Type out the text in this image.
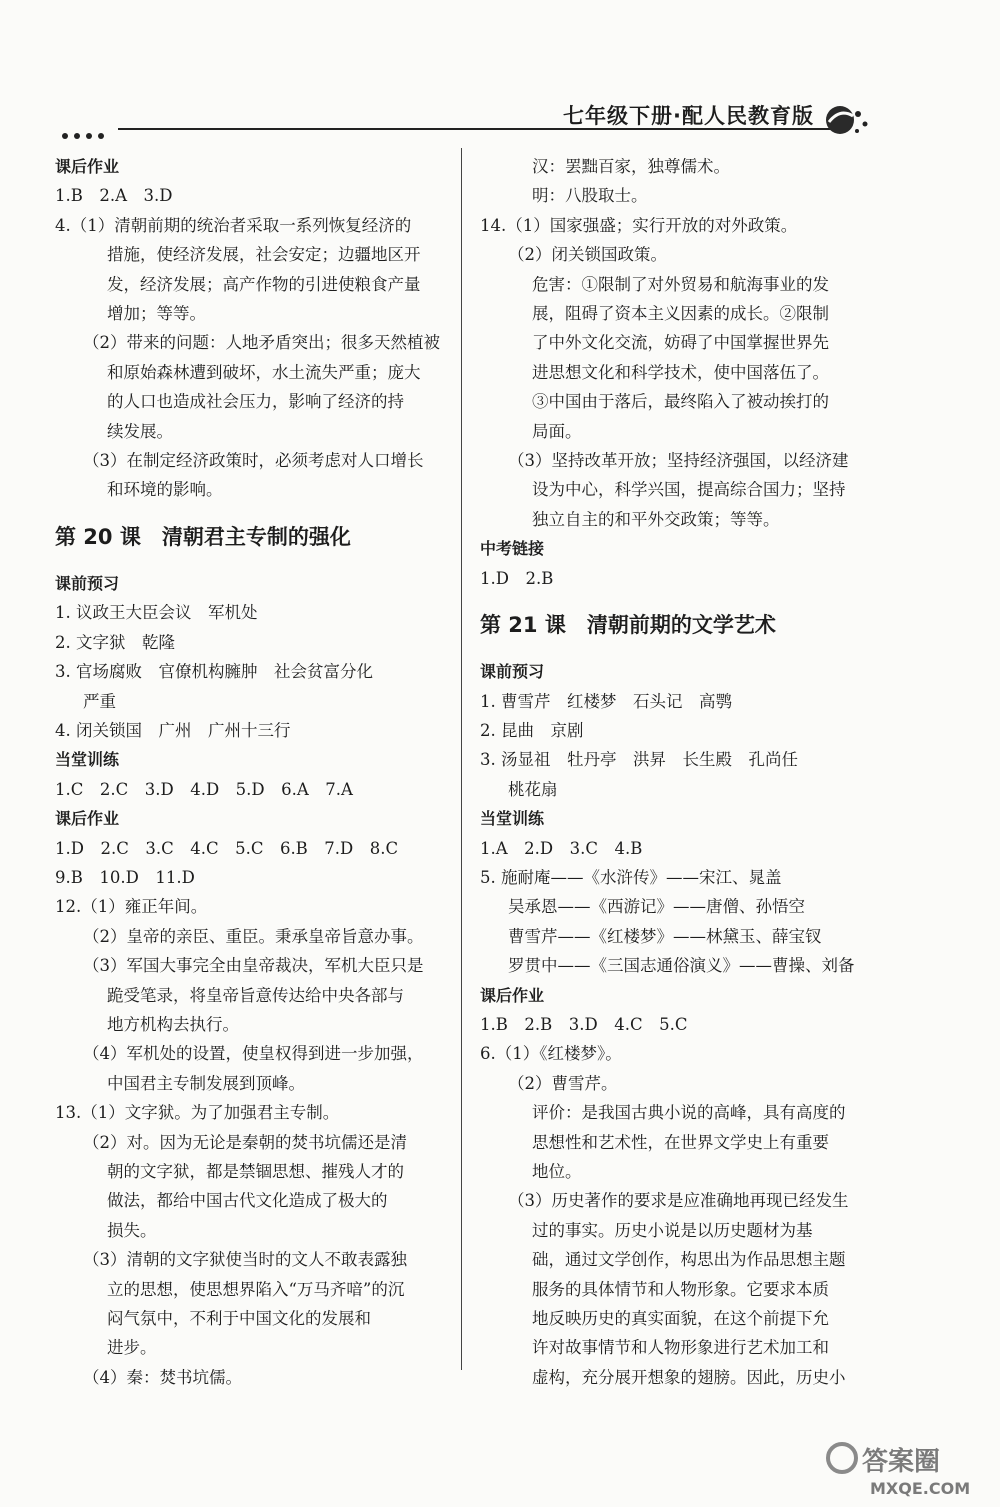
七年级下册·配人民教育版
课后作业
1.B　2.A　3.D
4.（1）清朝前期的统治者采取一系列恢复经济的
措施，使经济发展，社会安定；边疆地区开
发，经济发展；高产作物的引进使粮食产量
增加；等等。
（2）带来的问题：人地矛盾突出；很多天然植被
和原始森林遭到破坏，水土流失严重；庞大
的人口也造成社会压力，影响了经济的持
续发展。
（3）在制定经济政策时，必须考虑对人口增长
和环境的影响。
第 20 课　清朝君主专制的强化
课前预习
1. 议政王大臣会议　军机处
2. 文字狱　乾隆
3. 官场腐败　官僚机构臃肿　社会贫富分化
严重
4. 闭关锁国　广州　广州十三行
当堂训练
1.C　2.C　3.D　4.D　5.D　6.A　7.A
课后作业
1.D　2.C　3.C　4.C　5.C　6.B　7.D　8.C
9.B　10.D　11.D
12.（1）雍正年间。
（2）皇帝的亲臣、重臣。秉承皇帝旨意办事。
（3）军国大事完全由皇帝裁决，军机大臣只是
跪受笔录，将皇帝旨意传达给中央各部与
地方机构去执行。
（4）军机处的设置，使皇权得到进一步加强，
中国君主专制发展到顶峰。
13.（1）文字狱。为了加强君主专制。
（2）对。因为无论是秦朝的焚书坑儒还是清
朝的文字狱，都是禁锢思想、摧残人才的
做法，都给中国古代文化造成了极大的
损失。
（3）清朝的文字狱使当时的文人不敢表露独
立的思想，使思想界陷入“万马齐喑”的沉
闷气氛中，不利于中国文化的发展和
进步。
（4）秦：焚书坑儒。
汉：罢黜百家，独尊儒术。
明：八股取士。
14.（1）国家强盛；实行开放的对外政策。
（2）闭关锁国政策。
危害：①限制了对外贸易和航海事业的发
展，阻碍了资本主义因素的成长。②限制
了中外文化交流，妨碍了中国掌握世界先
进思想文化和科学技术，使中国落伍了。
③中国由于落后，最终陷入了被动挨打的
局面。
（3）坚持改革开放；坚持经济强国，以经济建
设为中心，科学兴国，提高综合国力；坚持
独立自主的和平外交政策；等等。
中考链接
1.D　2.B
第 21 课　清朝前期的文学艺术
课前预习
1. 曹雪芹　红楼梦　石头记　高鹗
2. 昆曲　京剧
3. 汤显祖　牡丹亭　洪昇　长生殿　孔尚任
桃花扇
当堂训练
1.A　2.D　3.C　4.B
5. 施耐庵——《水浒传》——宋江、晁盖
吴承恩——《西游记》——唐僧、孙悟空
曹雪芹——《红楼梦》——林黛玉、薛宝钗
罗贯中——《三国志通俗演义》——曹操、刘备
课后作业
1.B　2.B　3.D　4.C　5.C
6.（1）《红楼梦》。
（2）曹雪芹。
评价：是我国古典小说的高峰，具有高度的
思想性和艺术性，在世界文学史上有重要
地位。
（3）历史著作的要求是应准确地再现已经发生
过的事实。历史小说是以历史题材为基
础，通过文学创作，构思出为作品思想主题
服务的具体情节和人物形象。它要求本质
地反映历史的真实面貌，在这个前提下允
许对故事情节和人物形象进行艺术加工和
虚构，充分展开想象的翅膀。因此，历史小
答案圈
MXQE.COM
